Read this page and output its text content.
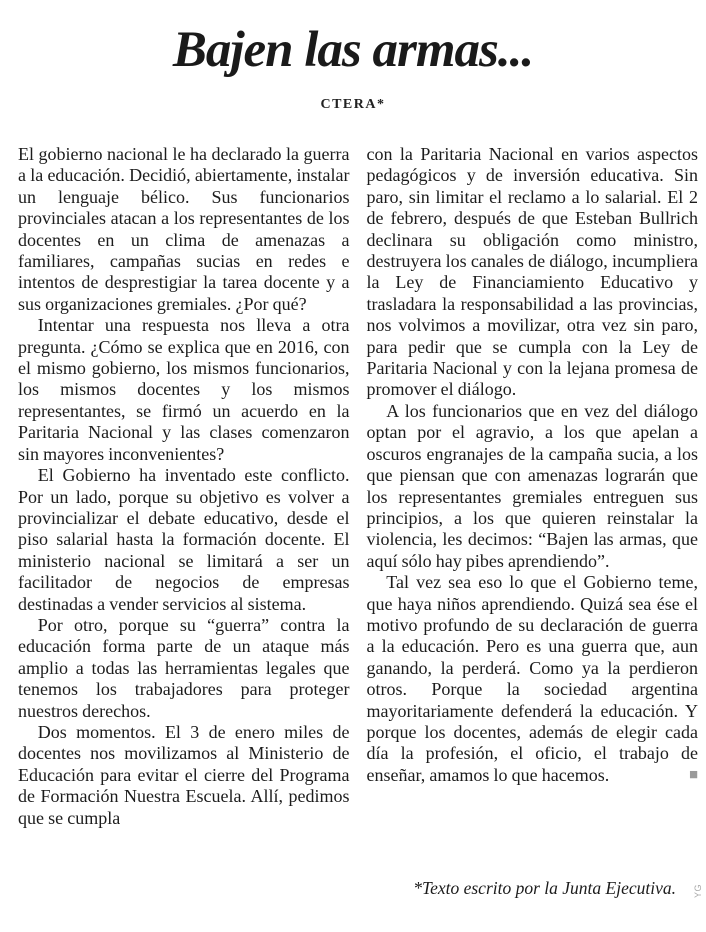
Bajen las armas...
CTERA*

El gobierno nacional le ha declarado la guerra a la educación. Decidió, abiertamente, instalar un lenguaje bélico. Sus funcionarios provinciales atacan a los representantes de los docentes en un clima de amenazas a familiares, campañas sucias en redes e intentos de desprestigiar la tarea docente y a sus organizaciones gremiales. ¿Por qué?

Intentar una respuesta nos lleva a otra pregunta. ¿Cómo se explica que en 2016, con el mismo gobierno, los mismos funcionarios, los mismos docentes y los mismos representantes, se firmó un acuerdo en la Paritaria Nacional y las clases comenzaron sin mayores inconvenientes?

El Gobierno ha inventado este conflicto. Por un lado, porque su objetivo es volver a provincializar el debate educativo, desde el piso salarial hasta la formación docente. El ministerio nacional se limitará a ser un facilitador de negocios de empresas destinadas a vender servicios al sistema.

Por otro, porque su “guerra” contra la educación forma parte de un ataque más amplio a todas las herramientas legales que tenemos los trabajadores para proteger nuestros derechos.

Dos momentos. El 3 de enero miles de docentes nos movilizamos al Ministerio de Educación para evitar el cierre del Programa de Formación Nuestra Escuela. Allí, pedimos que se cumpla

con la Paritaria Nacional en varios aspectos pedagógicos y de inversión educativa. Sin paro, sin limitar el reclamo a lo salarial. El 2 de febrero, después de que Esteban Bullrich declinara su obligación como ministro, destruyera los canales de diálogo, incumpliera la Ley de Financiamiento Educativo y trasladara la responsabilidad a las provincias, nos volvimos a movilizar, otra vez sin paro, para pedir que se cumpla con la Ley de Paritaria Nacional y con la lejana promesa de promover el diálogo.

A los funcionarios que en vez del diálogo optan por el agravio, a los que apelan a oscuros engranajes de la campaña sucia, a los que piensan que con amenazas lograrán que los representantes gremiales entreguen sus principios, a los que quieren reinstalar la violencia, les decimos: “Bajen las armas, que aquí sólo hay pibes aprendiendo”.

Tal vez sea eso lo que el Gobierno teme, que haya niños aprendiendo. Quizá sea ése el motivo profundo de su declaración de guerra a la educación. Pero es una guerra que, aun ganando, la perderá. Como ya la perdieron otros. Porque la sociedad argentina mayoritariamente defenderá la educación. Y porque los docentes, además de elegir cada día la profesión, el oficio, el trabajo de enseñar, amamos lo que hacemos.	■
*Texto escrito por la Junta Ejecutiva. YG
